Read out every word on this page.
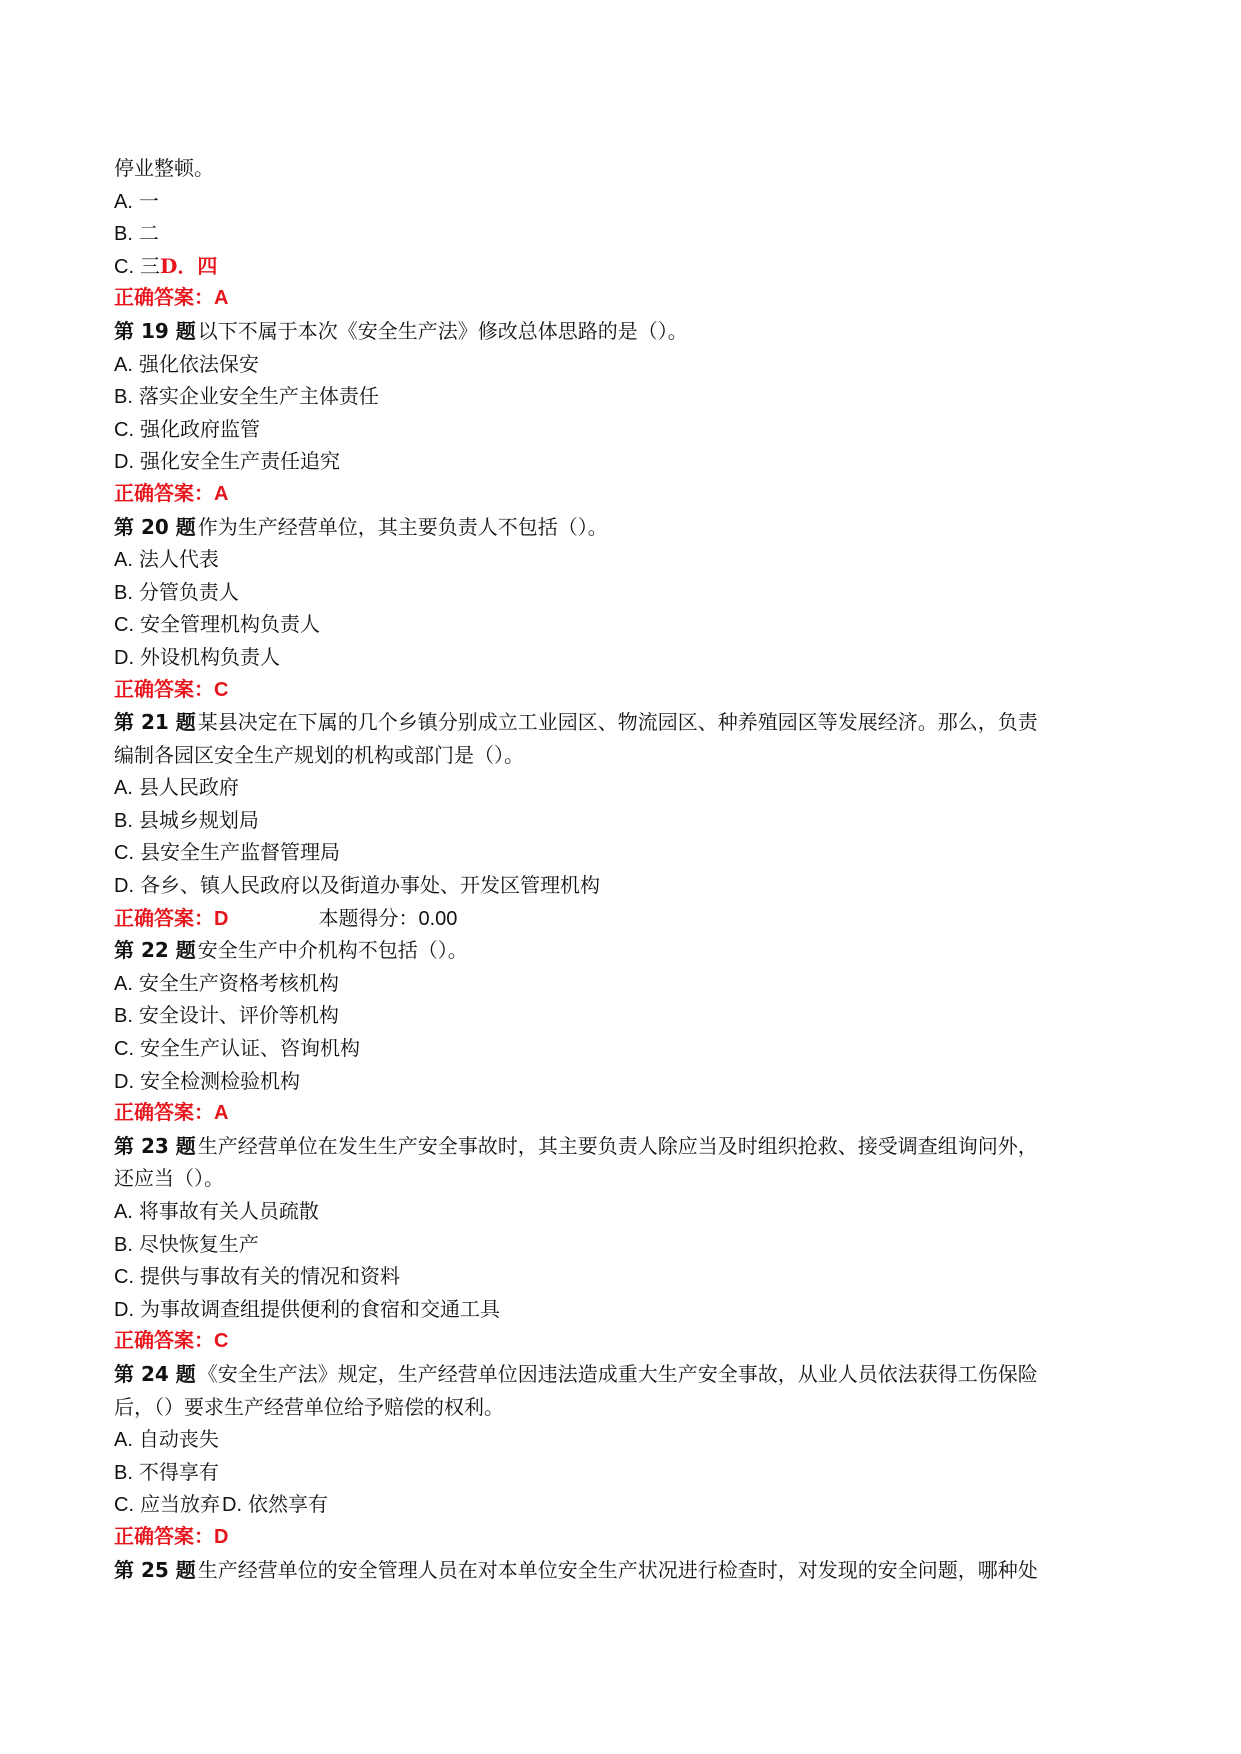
停业整顿。
A. 一
B. 二
C. 三D．四
正确答案：A
第 19 题 以下不属于本次《安全生产法》修改总体思路的是（）。
A. 强化依法保安
B. 落实企业安全生产主体责任
C. 强化政府监管
D. 强化安全生产责任追究
正确答案：A
第 20 题 作为生产经营单位，其主要负责人不包括（）。
A. 法人代表
B. 分管负责人
C. 安全管理机构负责人
D. 外设机构负责人
正确答案：C
第 21 题 某县决定在下属的几个乡镇分别成立工业园区、物流园区、种养殖园区等发展经济。那么，负责
编制各园区安全生产规划的机构或部门是（）。
A. 县人民政府
B. 县城乡规划局
C. 县安全生产监督管理局
D. 各乡、镇人民政府以及街道办事处、开发区管理机构
正确答案：D	本题得分：0.00
第 22 题 安全生产中介机构不包括（）。
A. 安全生产资格考核机构
B. 安全设计、评价等机构
C. 安全生产认证、咨询机构
D. 安全检测检验机构
正确答案：A
第 23 题 生产经营单位在发生生产安全事故时，其主要负责人除应当及时组织抢救、接受调查组询问外，
还应当（）。
A. 将事故有关人员疏散
B. 尽快恢复生产
C. 提供与事故有关的情况和资料
D. 为事故调查组提供便利的食宿和交通工具
正确答案：C
第 24 题 《安全生产法》规定，生产经营单位因违法造成重大生产安全事故，从业人员依法获得工伤保险
后，（）要求生产经营单位给予赔偿的权利。
A. 自动丧失
B. 不得享有
C. 应当放弃 D. 依然享有
正确答案：D
第 25 题 生产经营单位的安全管理人员在对本单位安全生产状况进行检查时，对发现的安全问题，哪种处
